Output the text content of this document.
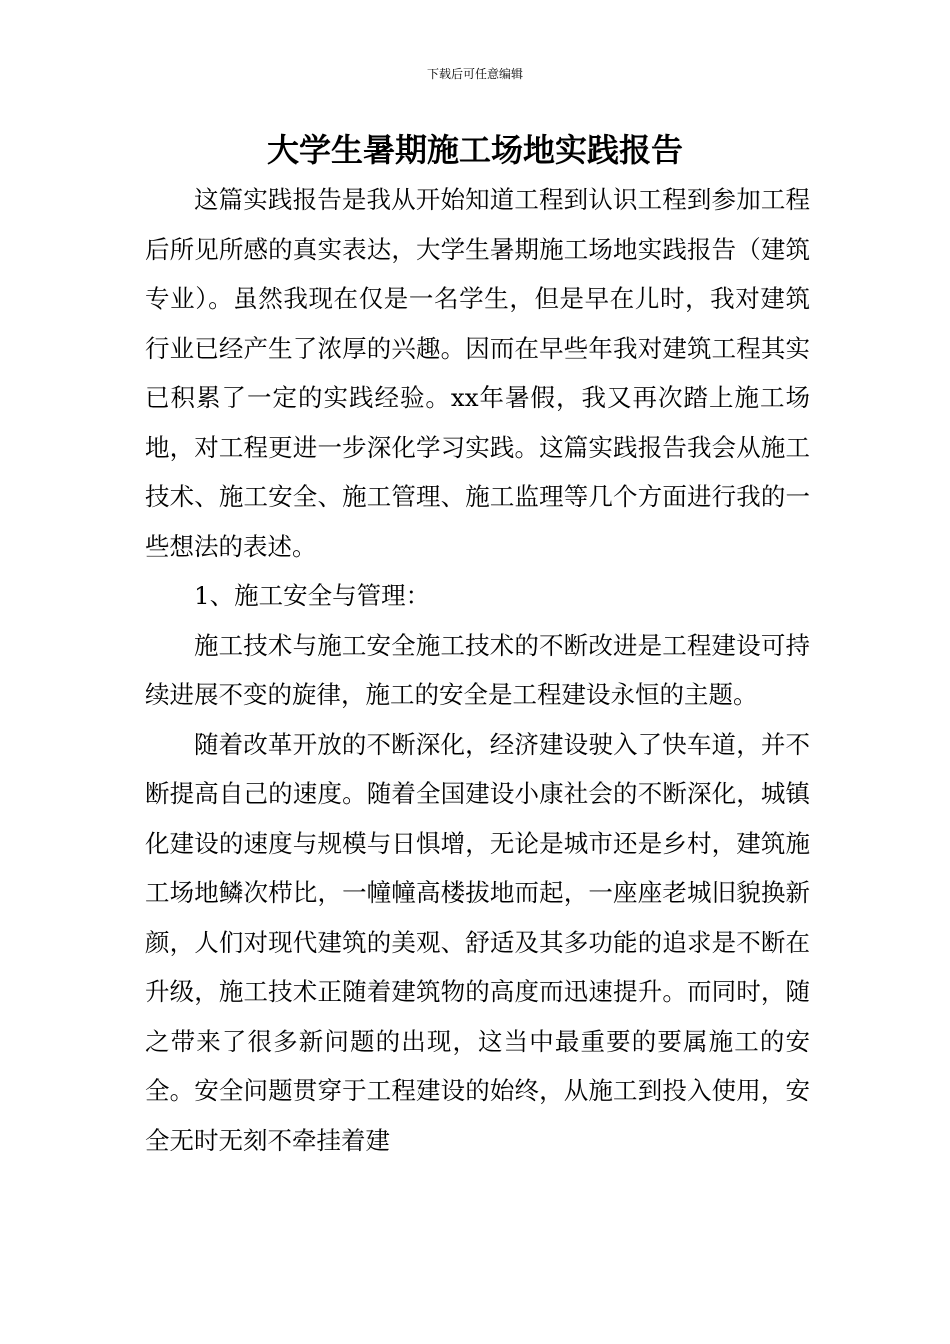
下载后可任意编辑
大学生暑期施工场地实践报告

这篇实践报告是我从开始知道工程到认识工程到参加工程后所见所感的真实表达，大学生暑期施工场地实践报告（建筑专业）。虽然我现在仅是一名学生，但是早在儿时，我对建筑行业已经产生了浓厚的兴趣。因而在早些年我对建筑工程其实已积累了一定的实践经验。xx年暑假，我又再次踏上施工场地，对工程更进一步深化学习实践。这篇实践报告我会从施工技术、施工安全、施工管理、施工监理等几个方面进行我的一些想法的表述。

1、施工安全与管理：

施工技术与施工安全施工技术的不断改进是工程建设可持续进展不变的旋律，施工的安全是工程建设永恒的主题。

随着改革开放的不断深化，经济建设驶入了快车道，并不断提高自己的速度。随着全国建设小康社会的不断深化，城镇化建设的速度与规模与日惧增，无论是城市还是乡村，建筑施工场地鳞次栉比，一幢幢高楼拔地而起，一座座老城旧貌换新颜，人们对现代建筑的美观、舒适及其多功能的追求是不断在升级，施工技术正随着建筑物的高度而迅速提升。而同时，随之带来了很多新问题的出现，这当中最重要的要属施工的安全。安全问题贯穿于工程建设的始终，从施工到投入使用，安全无时无刻不牵挂着建
